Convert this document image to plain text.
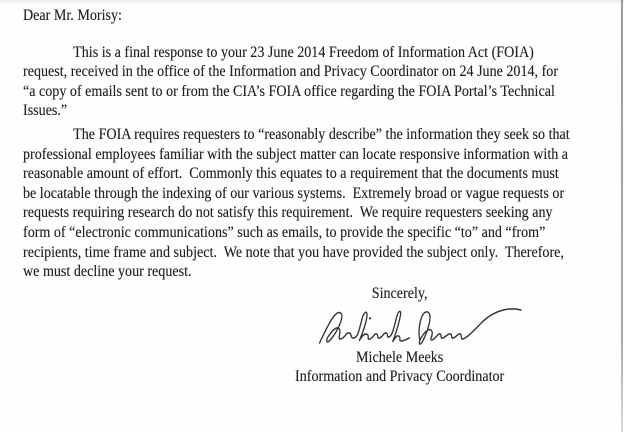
Dear Mr. Morisy:
This is a final response to your 23 June 2014 Freedom of Information Act (FOIA)
request, received in the office of the Information and Privacy Coordinator on 24 June 2014, for
“a copy of emails sent to or from the CIA’s FOIA office regarding the FOIA Portal’s Technical
Issues.”
The FOIA requires requesters to “reasonably describe” the information they seek so that
professional employees familiar with the subject matter can locate responsive information with a
reasonable amount of effort.  Commonly this equates to a requirement that the documents must
be locatable through the indexing of our various systems.  Extremely broad or vague requests or
requests requiring research do not satisfy this requirement.  We require requesters seeking any
form of “electronic communications” such as emails, to provide the specific “to” and “from”
recipients, time frame and subject.  We note that you have provided the subject only.  Therefore,
we must decline your request.
Sincerely,
Michele Meeks
Information and Privacy Coordinator
